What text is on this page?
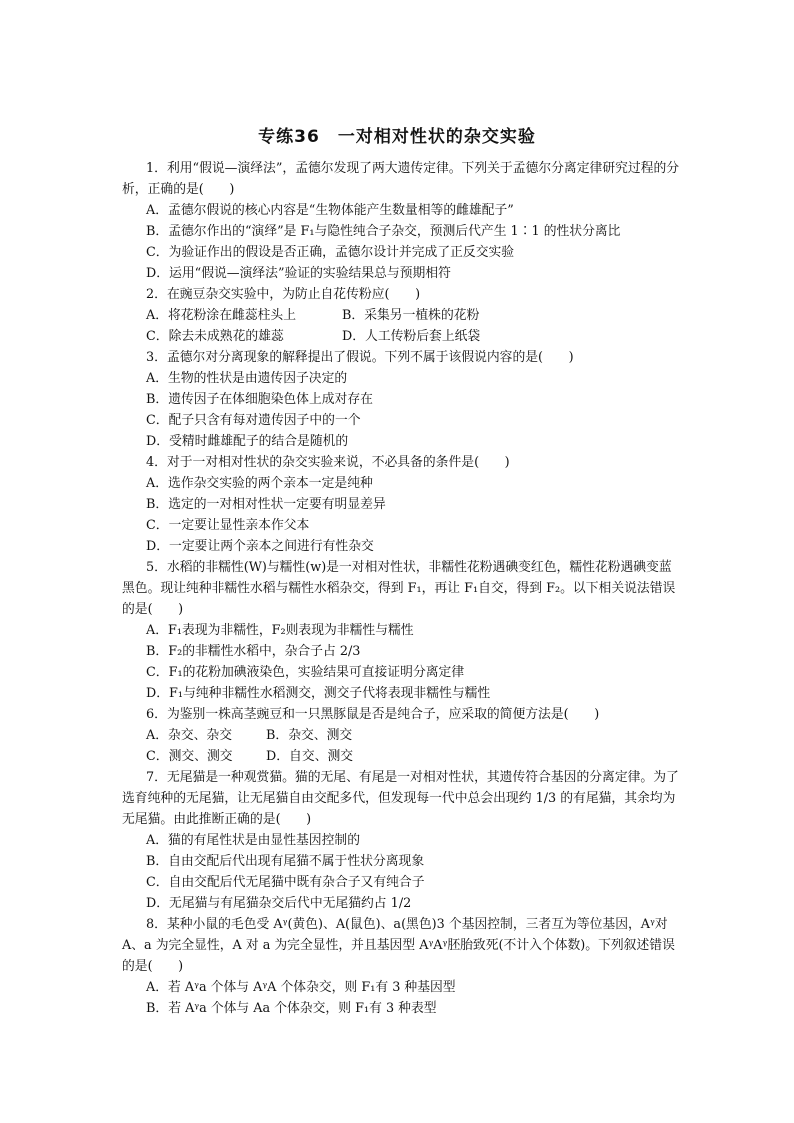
专练36　一对相对性状的杂交实验

1．利用“假说—演绎法”，孟德尔发现了两大遗传定律。下列关于孟德尔分离定律研究过程的分析，正确的是(　　)

A．孟德尔假说的核心内容是“生物体能产生数量相等的雌雄配子”

B．孟德尔作出的“演绎”是 F₁与隐性纯合子杂交，预测后代产生 1∶1 的性状分离比

C．为验证作出的假设是否正确，孟德尔设计并完成了正反交实验

D．运用“假说—演绎法”验证的实验结果总与预期相符

2．在豌豆杂交实验中，为防止自花传粉应(　　)

A．将花粉涂在雌蕊柱头上	B．采集另一植株的花粉

C．除去未成熟花的雄蕊	D．人工传粉后套上纸袋

3．孟德尔对分离现象的解释提出了假说。下列不属于该假说内容的是(　　)

A．生物的性状是由遗传因子决定的

B．遗传因子在体细胞染色体上成对存在

C．配子只含有每对遗传因子中的一个

D．受精时雌雄配子的结合是随机的

4．对于一对相对性状的杂交实验来说，不必具备的条件是(　　)

A．选作杂交实验的两个亲本一定是纯种

B．选定的一对相对性状一定要有明显差异

C．一定要让显性亲本作父本

D．一定要让两个亲本之间进行有性杂交

5．水稻的非糯性(W)与糯性(w)是一对相对性状，非糯性花粉遇碘变红色，糯性花粉遇碘变蓝黑色。现让纯种非糯性水稻与糯性水稻杂交，得到 F₁，再让 F₁自交，得到 F₂。以下相关说法错误的是(　　)

A．F₁表现为非糯性，F₂则表现为非糯性与糯性

B．F₂的非糯性水稻中，杂合子占 2/3

C．F₁的花粉加碘液染色，实验结果可直接证明分离定律

D．F₁与纯种非糯性水稻测交，测交子代将表现非糯性与糯性

6．为鉴别一株高茎豌豆和一只黑豚鼠是否是纯合子，应采取的简便方法是(　　)

A．杂交、杂交	B．杂交、测交

C．测交、测交	D．自交、测交

7．无尾猫是一种观赏猫。猫的无尾、有尾是一对相对性状，其遗传符合基因的分离定律。为了选育纯种的无尾猫，让无尾猫自由交配多代，但发现每一代中总会出现约 1/3 的有尾猫，其余均为无尾猫。由此推断正确的是(　　)

A．猫的有尾性状是由显性基因控制的

B．自由交配后代出现有尾猫不属于性状分离现象

C．自由交配后代无尾猫中既有杂合子又有纯合子

D．无尾猫与有尾猫杂交后代中无尾猫约占 1/2

8．某种小鼠的毛色受 Aᵞ(黄色)、A(鼠色)、a(黑色)3 个基因控制，三者互为等位基因，Aᵞ对 A、a 为完全显性，A 对 a 为完全显性，并且基因型 AᵞAᵞ胚胎致死(不计入个体数)。下列叙述错误的是(　　)

A．若 Aᵞa 个体与 AᵞA 个体杂交，则 F₁有 3 种基因型

B．若 Aᵞa 个体与 Aa 个体杂交，则 F₁有 3 种表型
